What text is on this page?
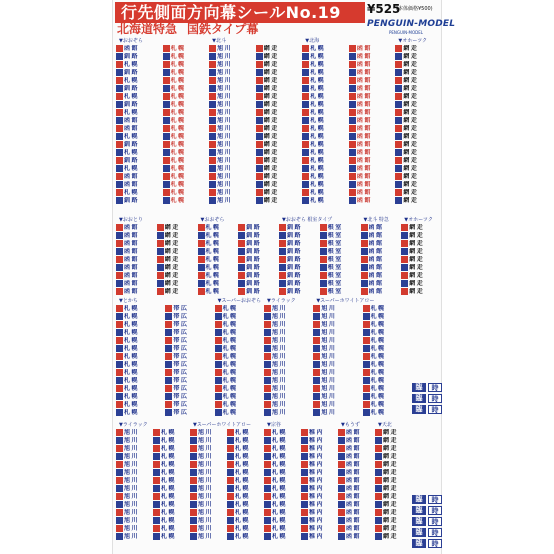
行先側面方向幕シールNo.19
北海道特急 国鉄タイプ幕
¥525
(本体価格¥500)
PENGUIN-MODEL
PENGUIN-MODEL
▼おおぞら
函館
釧路
札幌
釧路
札幌
釧路
札幌
釧路
札幌
函館
函館
札幌
釧路
札幌
釧路
札幌
函館
函館
札幌
釧路
札幌
札幌
札幌
札幌
札幌
札幌
札幌
札幌
札幌
札幌
札幌
札幌
札幌
札幌
札幌
札幌
札幌
札幌
札幌
札幌
▼北斗
旭川
旭川
旭川
旭川
旭川
旭川
旭川
旭川
旭川
旭川
旭川
旭川
旭川
旭川
旭川
旭川
旭川
旭川
旭川
旭川
網走
網走
網走
網走
網走
網走
網走
網走
網走
網走
網走
網走
網走
網走
網走
網走
網走
網走
網走
網走
▼北海
札幌
札幌
札幌
札幌
札幌
札幌
札幌
札幌
札幌
札幌
札幌
札幌
札幌
札幌
札幌
札幌
札幌
札幌
札幌
札幌
函館
函館
函館
函館
函館
函館
函館
函館
函館
函館
函館
函館
函館
函館
函館
函館
函館
函館
函館
函館
▼オホーツク
網走
網走
網走
網走
網走
網走
網走
網走
網走
網走
網走
網走
網走
網走
網走
網走
網走
網走
網走
網走
▼おおとり
函館
函館
函館
函館
函館
函館
函館
函館
函館
網走
網走
網走
網走
網走
網走
網走
網走
網走
▼おおぞら
札幌
札幌
札幌
札幌
札幌
札幌
札幌
札幌
札幌
釧路
釧路
釧路
釧路
釧路
釧路
釧路
釧路
釧路
▼おおぞら 根室タイプ
釧路
釧路
釧路
釧路
釧路
釧路
釧路
釧路
釧路
根室
根室
根室
根室
根室
根室
根室
根室
根室
▼北斗 特急
函館
函館
函館
函館
函館
函館
函館
函館
函館
▼オホーツク
網走
網走
網走
網走
網走
網走
網走
網走
網走
▼とかち
札幌
札幌
札幌
札幌
札幌
札幌
札幌
札幌
札幌
札幌
札幌
札幌
札幌
札幌
帯広
帯広
帯広
帯広
帯広
帯広
帯広
帯広
帯広
帯広
帯広
帯広
帯広
帯広
▼スーパーおおぞら
札幌
札幌
札幌
札幌
札幌
札幌
札幌
札幌
札幌
札幌
札幌
札幌
札幌
札幌
▼ライラック
旭川
旭川
旭川
旭川
旭川
旭川
旭川
旭川
旭川
旭川
旭川
旭川
旭川
旭川
▼スーパーホワイトアロー
旭川
旭川
旭川
旭川
旭川
旭川
旭川
旭川
旭川
旭川
旭川
旭川
旭川
旭川
札幌
札幌
札幌
札幌
札幌
札幌
札幌
札幌
札幌
札幌
札幌
札幌
札幌
札幌
臨	時
臨	時
臨	時
▼ライラック
旭川
旭川
旭川
旭川
旭川
旭川
旭川
旭川
旭川
旭川
旭川
旭川
旭川
旭川
札幌
札幌
札幌
札幌
札幌
札幌
札幌
札幌
札幌
札幌
札幌
札幌
札幌
札幌
▼スーパーホワイトアロー
旭川
旭川
旭川
旭川
旭川
旭川
旭川
旭川
旭川
旭川
旭川
旭川
旭川
旭川
札幌
札幌
札幌
札幌
札幌
札幌
札幌
札幌
札幌
札幌
札幌
札幌
札幌
札幌
▼宗谷
札幌
札幌
札幌
札幌
札幌
札幌
札幌
札幌
札幌
札幌
札幌
札幌
札幌
札幌
稚内
稚内
稚内
稚内
稚内
稚内
稚内
稚内
稚内
稚内
稚内
稚内
稚内
稚内
▼もうず
函館
函館
函館
函館
函館
函館
函館
函館
函館
函館
函館
函館
函館
函館
▼天北
網走
網走
網走
網走
網走
網走
網走
網走
網走
網走
網走
網走
網走
網走
臨	時
臨	時
臨	時
臨	時
臨	時
